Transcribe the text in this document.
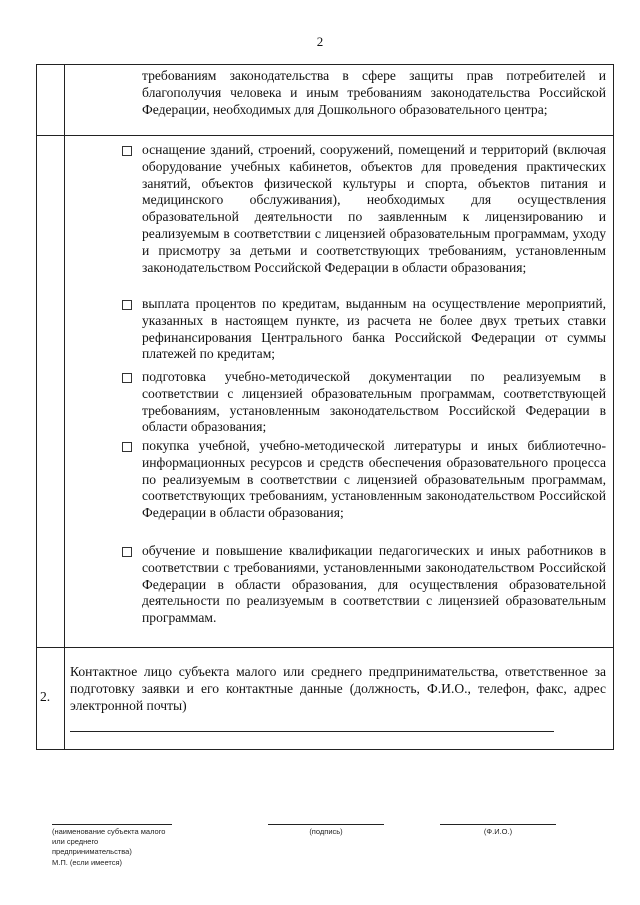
2

требованиям законодательства в сфере защиты прав потребителей и благополучия человека и иным требованиям законодательства Российской Федерации, необходимых для Дошкольного образовательного центра;

оснащение зданий, строений, сооружений, помещений и территорий (включая оборудование учебных кабинетов, объектов для проведения практических занятий, объектов физической культуры и спорта, объектов питания и медицинского обслуживания), необходимых для осуществления образовательной деятельности по заявленным к лицензированию и реализуемым в соответствии с лицензией образовательным программам, уходу и присмотру за детьми и соответствующих требованиям, установленным законодательством Российской Федерации в области образования;

выплата процентов по кредитам, выданным на осуществление мероприятий, указанных в настоящем пункте, из расчета не более двух третьих ставки рефинансирования Центрального банка Российской Федерации от суммы платежей по кредитам;

подготовка учебно-методической документации по реализуемым в соответствии с лицензией образовательным программам, соответствующей требованиям, установленным законодательством Российской Федерации в области образования;

покупка учебной, учебно-методической литературы и иных библиотечно-информационных ресурсов и средств обеспечения образовательного процесса по реализуемым в соответствии с лицензией образовательным программам, соответствующих требованиям, установленным законодательством Российской Федерации в области образования;

обучение и повышение квалификации педагогических и иных работников в соответствии с требованиями, установленными законодательством Российской Федерации в области образования, для осуществления образовательной деятельности по реализуемым в соответствии с лицензией образовательным программам.

2.

Контактное лицо субъекта малого или среднего предпринимательства, ответственное за подготовку заявки и его контактные данные (должность, Ф.И.О., телефон, факс, адрес электронной почты)

(наименование субъекта малого
или среднего предпринимательства)
(подпись)	(Ф.И.О.)
М.П. (если имеется)
